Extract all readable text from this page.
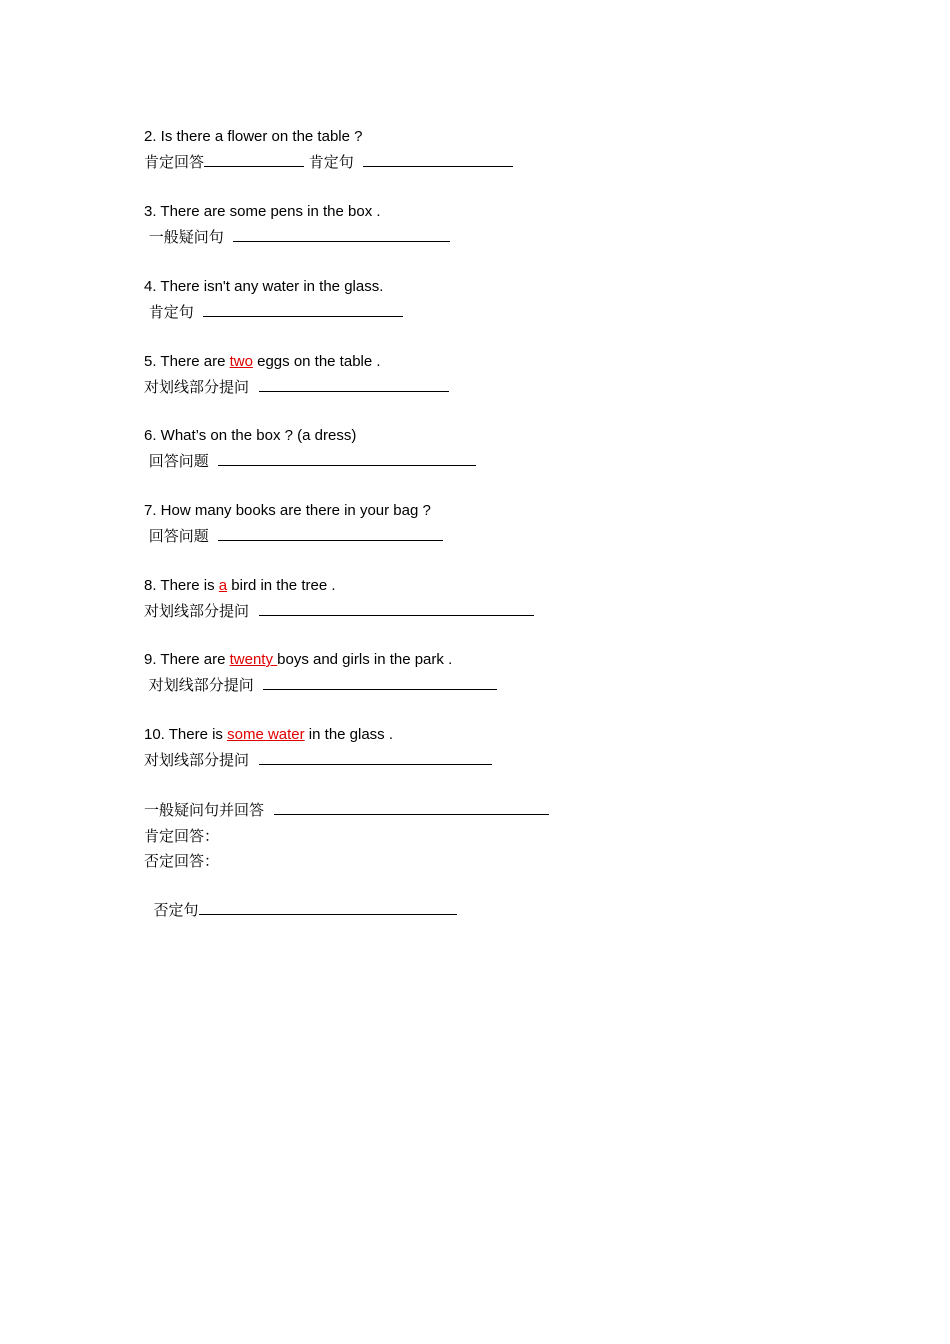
2. Is there a flower on the table ?
肯定回答	肯定句
3. There are some pens in the box .
一般疑问句
4. There isn't any water in the glass.
肯定句
5. There are two eggs on the table .
对划线部分提问
6. What’s on the box ? (a dress)
回答问题
7. How many books are there in your bag ?
回答问题
8. There is a bird in the tree .
对划线部分提问
9. There are twenty boys and girls in the park .
对划线部分提问
10. There is some water in the glass .
对划线部分提问
一般疑问句并回答
肯定回答：
否定回答：
否定句
